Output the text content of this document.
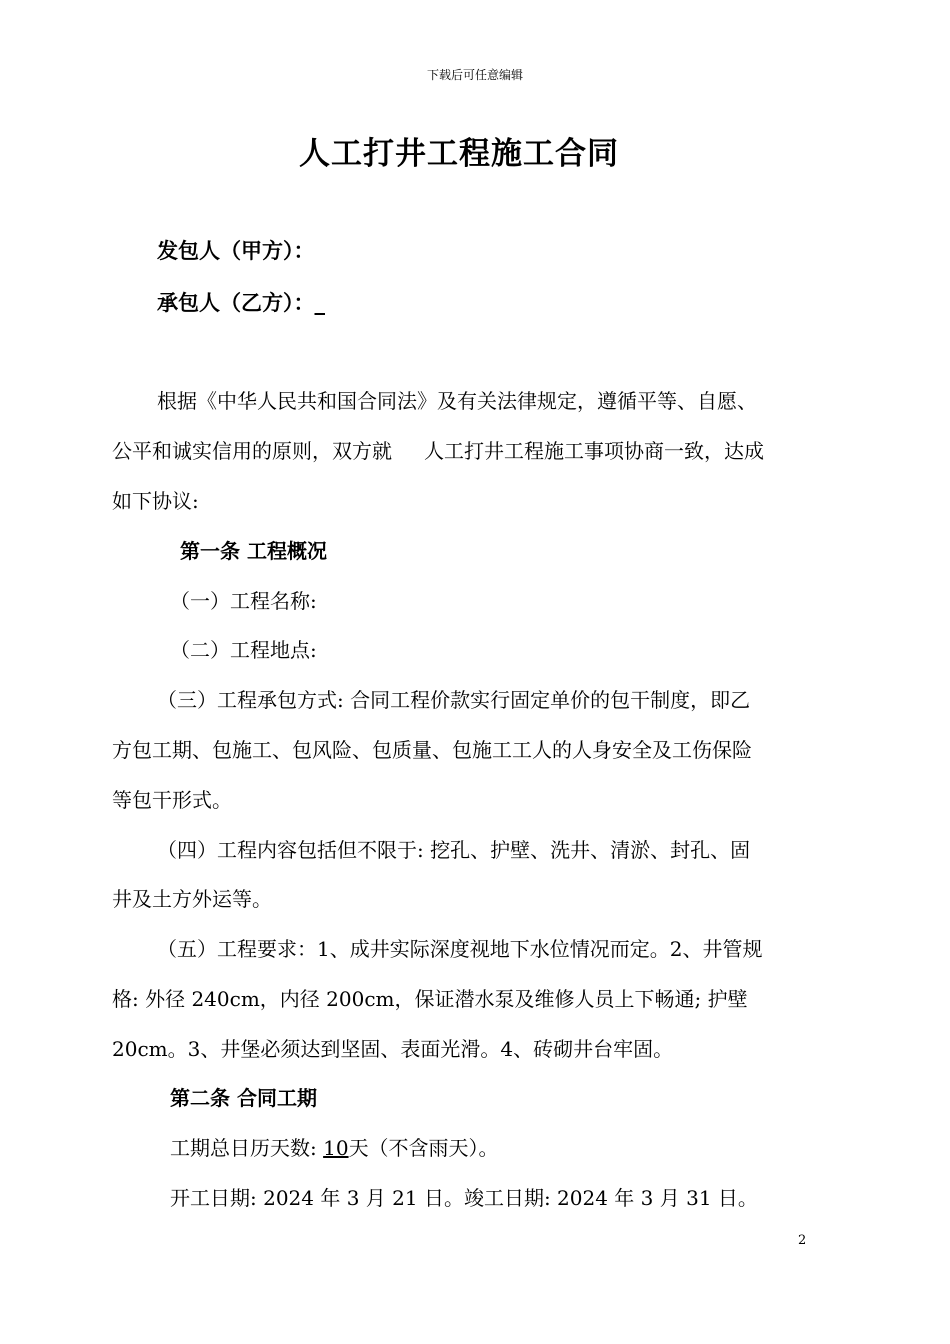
下载后可任意编辑
人工打井工程施工合同
发包人（甲方）：
承包人（乙方）：_
根据《中华人民共和国合同法》及有关法律规定，遵循平等、自愿、
公平和诚实信用的原则，双方就 人工打井工程施工事项协商一致，达成
如下协议:
第一条 工程概况
（一）工程名称:
（二）工程地点:
（三）工程承包方式: 合同工程价款实行固定单价的包干制度，即乙
方包工期、包施工、包风险、包质量、包施工工人的人身安全及工伤保险
等包干形式。
（四）工程内容包括但不限于: 挖孔、护壁、洗井、清淤、封孔、固
井及土方外运等。
（五）工程要求：1、成井实际深度视地下水位情况而定。2、井管规
格: 外径 240cm，内径 200cm，保证潜水泵及维修人员上下畅通; 护壁
20cm。3、井堡必须达到坚固、表面光滑。4、砖砌井台牢固。
第二条 合同工期
工期总日历天数: 10天（不含雨天）。
开工日期: 2024 年 3 月 21 日。竣工日期: 2024 年 3 月 31 日。
2
